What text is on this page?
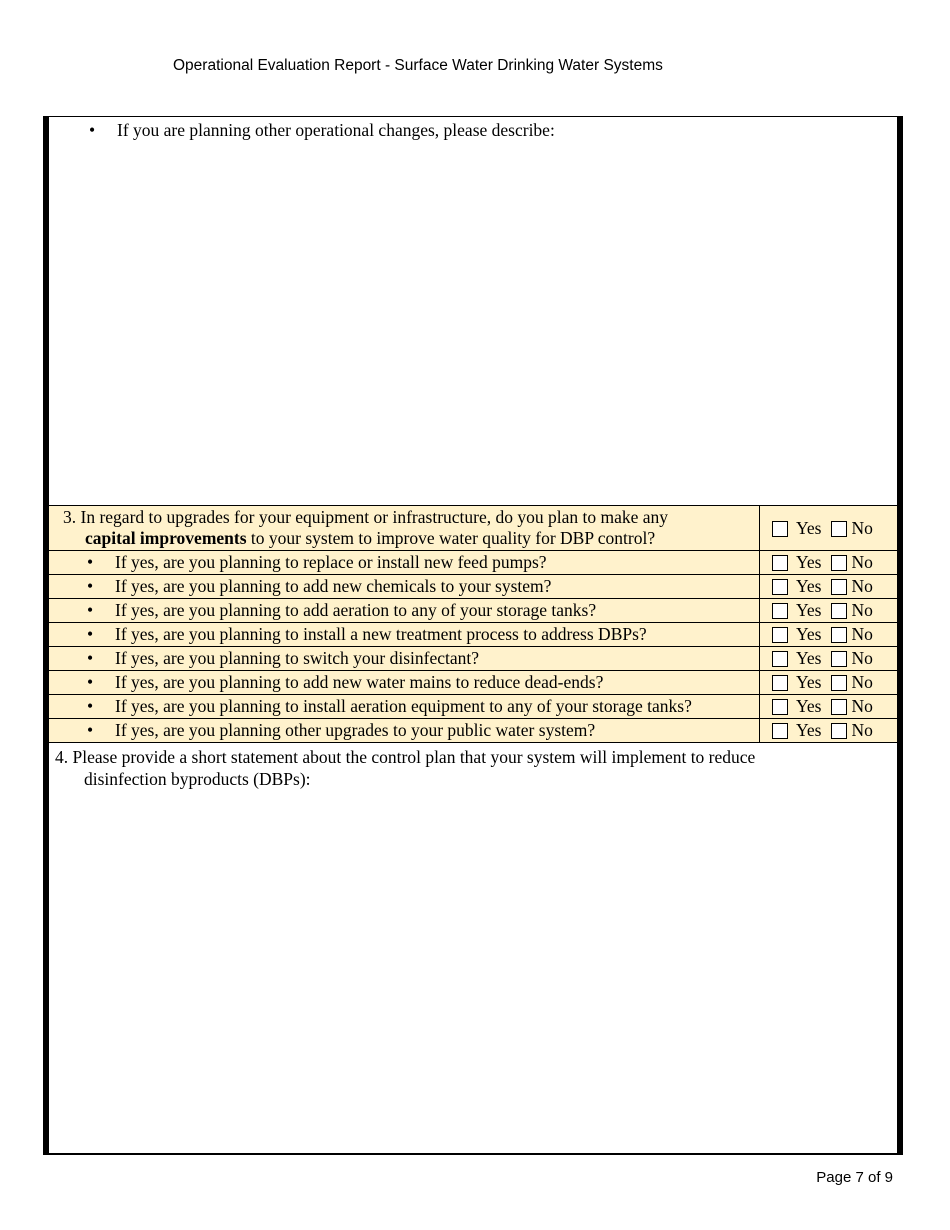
Operational Evaluation Report - Surface Water Drinking Water Systems
• If you are planning other operational changes, please describe:
3. In regard to upgrades for your equipment or infrastructure, do you plan to make any
capital improvements to your system to improve water quality for DBP control?	Yes No
• If yes, are you planning to replace or install new feed pumps?	Yes No
• If yes, are you planning to add new chemicals to your system?	Yes No
• If yes, are you planning to add aeration to any of your storage tanks?	Yes No
• If yes, are you planning to install a new treatment process to address DBPs?	Yes No
• If yes, are you planning to switch your disinfectant?	Yes No
• If yes, are you planning to add new water mains to reduce dead-ends?	Yes No
• If yes, are you planning to install aeration equipment to any of your storage tanks?	Yes No
• If yes, are you planning other upgrades to your public water system?	Yes No
4. Please provide a short statement about the control plan that your system will implement to reduce
disinfection byproducts (DBPs):
Page 7 of 9
